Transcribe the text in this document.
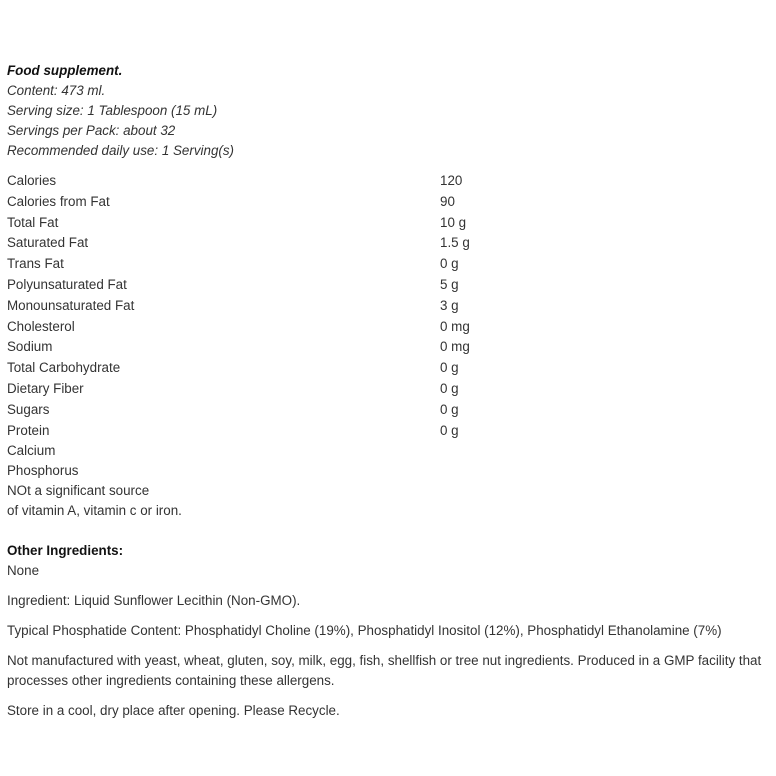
Food supplement.
Content: 473 ml.
Serving size: 1 Tablespoon (15 mL)
Servings per Pack: about 32
Recommended daily use: 1 Serving(s)
Calories	120
Calories from Fat	90
Total Fat	10 g
Saturated Fat	1.5 g
Trans Fat	0 g
Polyunsaturated Fat	5 g
Monounsaturated Fat	3 g
Cholesterol	0 mg
Sodium	0 mg
Total Carbohydrate	0 g
Dietary Fiber	0 g
Sugars	0 g
Protein	0 g
Calcium
Phosphorus
NOt a significant source
of vitamin A, vitamin c or iron.
Other Ingredients:
None
Ingredient: Liquid Sunflower Lecithin (Non-GMO).
Typical Phosphatide Content: Phosphatidyl Choline (19%), Phosphatidyl Inositol (12%), Phosphatidyl Ethanolamine (7%)
Not manufactured with yeast, wheat, gluten, soy, milk, egg, fish, shellfish or tree nut ingredients. Produced in a GMP facility that processes other ingredients containing these allergens.
Store in a cool, dry place after opening. Please Recycle.
